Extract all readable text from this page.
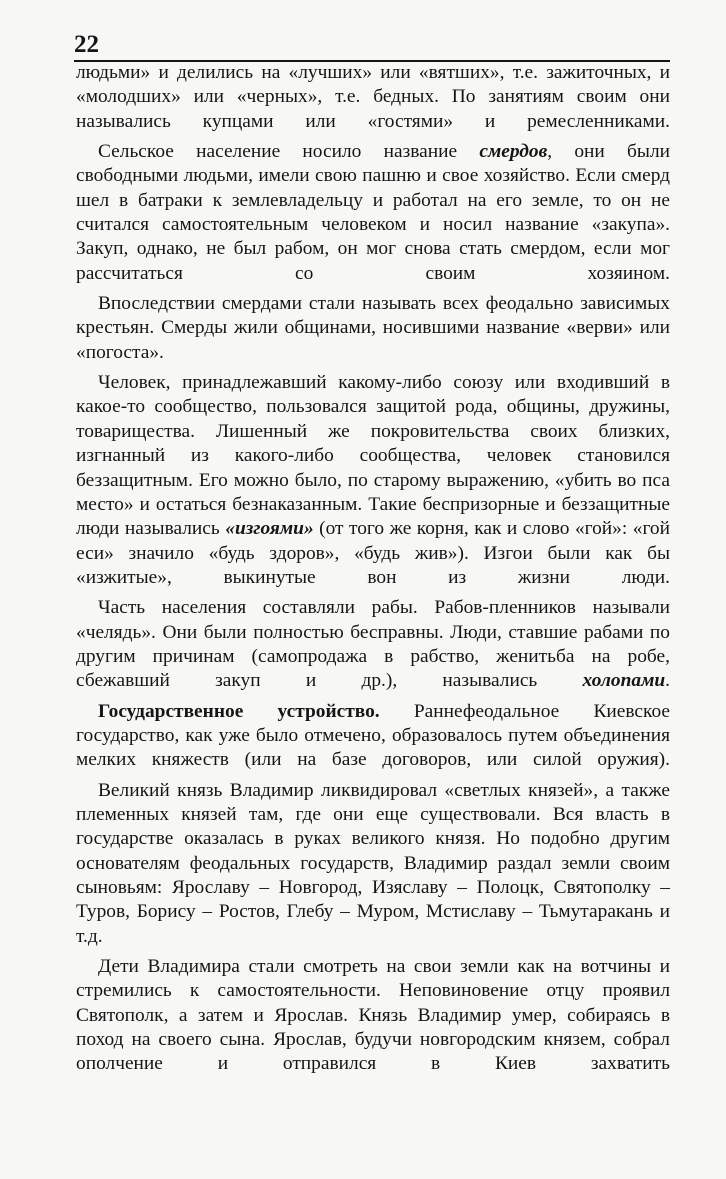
22

людьми» и делились на «лучших» или «вятших», т.е. зажиточных, и «молодших» или «черных», т.е. бедных. По занятиям своим они назывались купцами или «гостями» и ремесленниками.

Сельское население носило название смердов, они были свободными людьми, имели свою пашню и свое хозяйство. Если смерд шел в батраки к землевладельцу и работал на его земле, то он не считался самостоятельным человеком и носил название «закупа». Закуп, однако, не был рабом, он мог снова стать смердом, если мог рассчитаться со своим хозяином.

Впоследствии смердами стали называть всех феодально зависимых крестьян. Смерды жили общинами, носившими название «верви» или «погоста».

Человек, принадлежавший какому-либо союзу или входивший в какое-то сообщество, пользовался защитой рода, общины, дружины, товарищества. Лишенный же покровительства своих близких, изгнанный из какого-либо сообщества, человек становился беззащитным. Его можно было, по старому выражению, «убить во пса место» и остаться безнаказанным. Такие беспризорные и беззащитные люди назывались «изгоями» (от того же корня, как и слово «гой»: «гой еси» значило «будь здоров», «будь жив»). Изгои были как бы «изжитые», выкинутые вон из жизни люди.

Часть населения составляли рабы. Рабов-пленников называли «челядь». Они были полностью бесправны. Люди, ставшие рабами по другим причинам (самопродажа в рабство, женитьба на робе, сбежавший закуп и др.), назывались холопами.

Государственное устройство. Раннефеодальное Киевское государство, как уже было отмечено, образовалось путем объединения мелких княжеств (или на базе договоров, или силой оружия).

Великий князь Владимир ликвидировал «светлых князей», а также племенных князей там, где они еще существовали. Вся власть в государстве оказалась в руках великого князя. Но подобно другим основателям феодальных государств, Владимир раздал земли своим сыновьям: Ярославу – Новгород, Изяславу – Полоцк, Святополку – Туров, Борису – Ростов, Глебу – Муром, Мстиславу – Тьмутаракань и т.д.

Дети Владимира стали смотреть на свои земли как на вотчины и стремились к самостоятельности. Неповиновение отцу проявил Святополк, а затем и Ярослав. Князь Владимир умер, собираясь в поход на своего сына. Ярослав, будучи новгородским князем, собрал ополчение и отправился в Киев захватить
